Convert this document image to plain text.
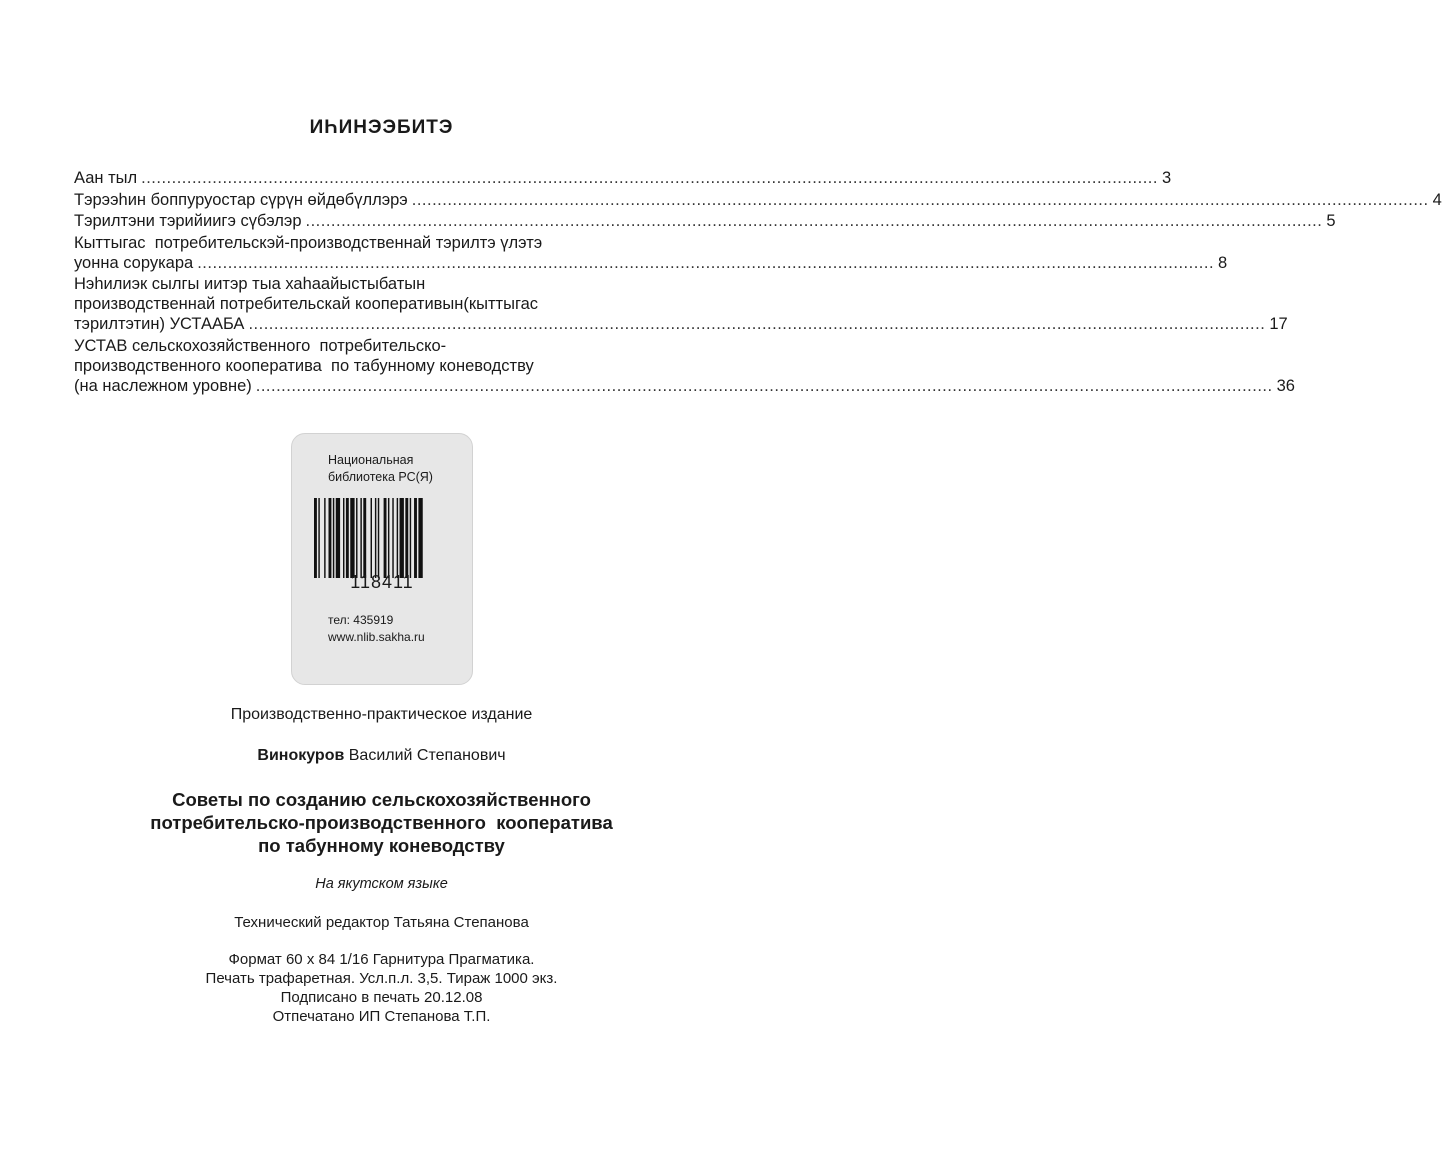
ИҺИНЭЭБИТЭ
Аан тыл ........................................................................................................................................................................................................ 3
Тэрээһин боппуруостар сүрүн өйдөбүллэрэ ........................................................................................................................................................................................................ 4
Тэрилтэни тэрийиигэ сүбэлэр ........................................................................................................................................................................................................ 5
Кыттыгас  потребительскэй-производственнай тэрилтэ үлэтэ
уонна сорукара ........................................................................................................................................................................................................ 8
Нэһилиэк сылгы иитэр тыа хаһаайыстыбатын
производственнай потребительскай кооперативын(кыттыгас
тэрилтэтин) УСТААБА ........................................................................................................................................................................................................ 17
УСТАВ сельскохозяйственного  потребительско-
производственного кооператива  по табунному коневодству
(на наслежном уровне) ........................................................................................................................................................................................................ 36
Национальная
библиотека РС(Я)
118411
тел: 435919
www.nlib.sakha.ru
Производственно-практическое издание
Винокуров Василий Степанович
Советы по созданию сельскохозяйственного
потребительско-производственного  кооператива
по табунному коневодству
На якутском языке
Технический редактор Татьяна Степанова
Формат 60 х 84 1/16 Гарнитура Прагматика.
Печать трафаретная. Усл.п.л. 3,5. Тираж 1000 экз.
Подписано в печать 20.12.08
Отпечатано ИП Степанова Т.П.
